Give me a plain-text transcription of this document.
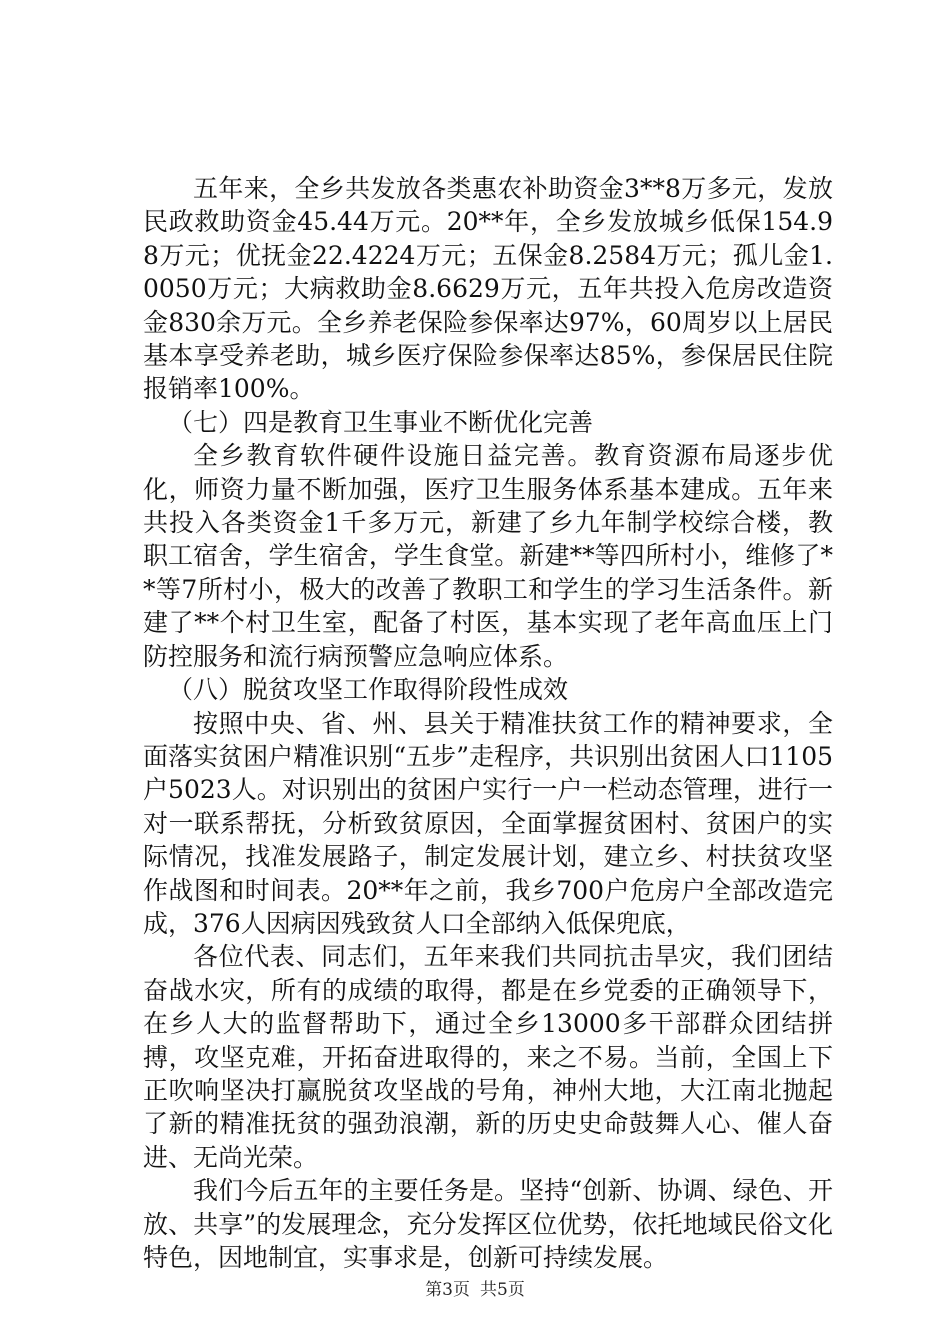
五年来，全乡共发放各类惠农补助资金3**8万多元，发放民政救助资金45.44万元。20**年，全乡发放城乡低保154.98万元；优抚金22.4224万元；五保金8.2584万元；孤儿金1.0050万元；大病救助金8.6629万元，五年共投入危房改造资金830余万元。全乡养老保险参保率达97%，60周岁以上居民基本享受养老助，城乡医疗保险参保率达85%，参保居民住院报销率100%。

（七）四是教育卫生事业不断优化完善

全乡教育软件硬件设施日益完善。教育资源布局逐步优化，师资力量不断加强，医疗卫生服务体系基本建成。五年来共投入各类资金1千多万元，新建了乡九年制学校综合楼，教职工宿舍，学生宿舍，学生食堂。新建**等四所村小，维修了**等7所村小，极大的改善了教职工和学生的学习生活条件。新建了**个村卫生室，配备了村医，基本实现了老年高血压上门防控服务和流行病预警应急响应体系。

（八）脱贫攻坚工作取得阶段性成效

按照中央、省、州、县关于精准扶贫工作的精神要求，全面落实贫困户精准识别“五步”走程序，共识别出贫困人口1105户5023人。对识别出的贫困户实行一户一栏动态管理，进行一对一联系帮抚，分析致贫原因，全面掌握贫困村、贫困户的实际情况，找准发展路子，制定发展计划，建立乡、村扶贫攻坚作战图和时间表。20**年之前，我乡700户危房户全部改造完成，376人因病因残致贫人口全部纳入低保兜底，

各位代表、同志们，五年来我们共同抗击旱灾，我们团结奋战水灾，所有的成绩的取得，都是在乡党委的正确领导下，在乡人大的监督帮助下，通过全乡13000多干部群众团结拼搏，攻坚克难，开拓奋进取得的，来之不易。当前，全国上下正吹响坚决打赢脱贫攻坚战的号角，神州大地，大江南北抛起了新的精准抚贫的强劲浪潮，新的历史史命鼓舞人心、催人奋进、无尚光荣。

我们今后五年的主要任务是。坚持“创新、协调、绿色、开放、共享”的发展理念，充分发挥区位优势，依托地域民俗文化特色，因地制宜，实事求是，创新可持续发展。

第3页 共5页
